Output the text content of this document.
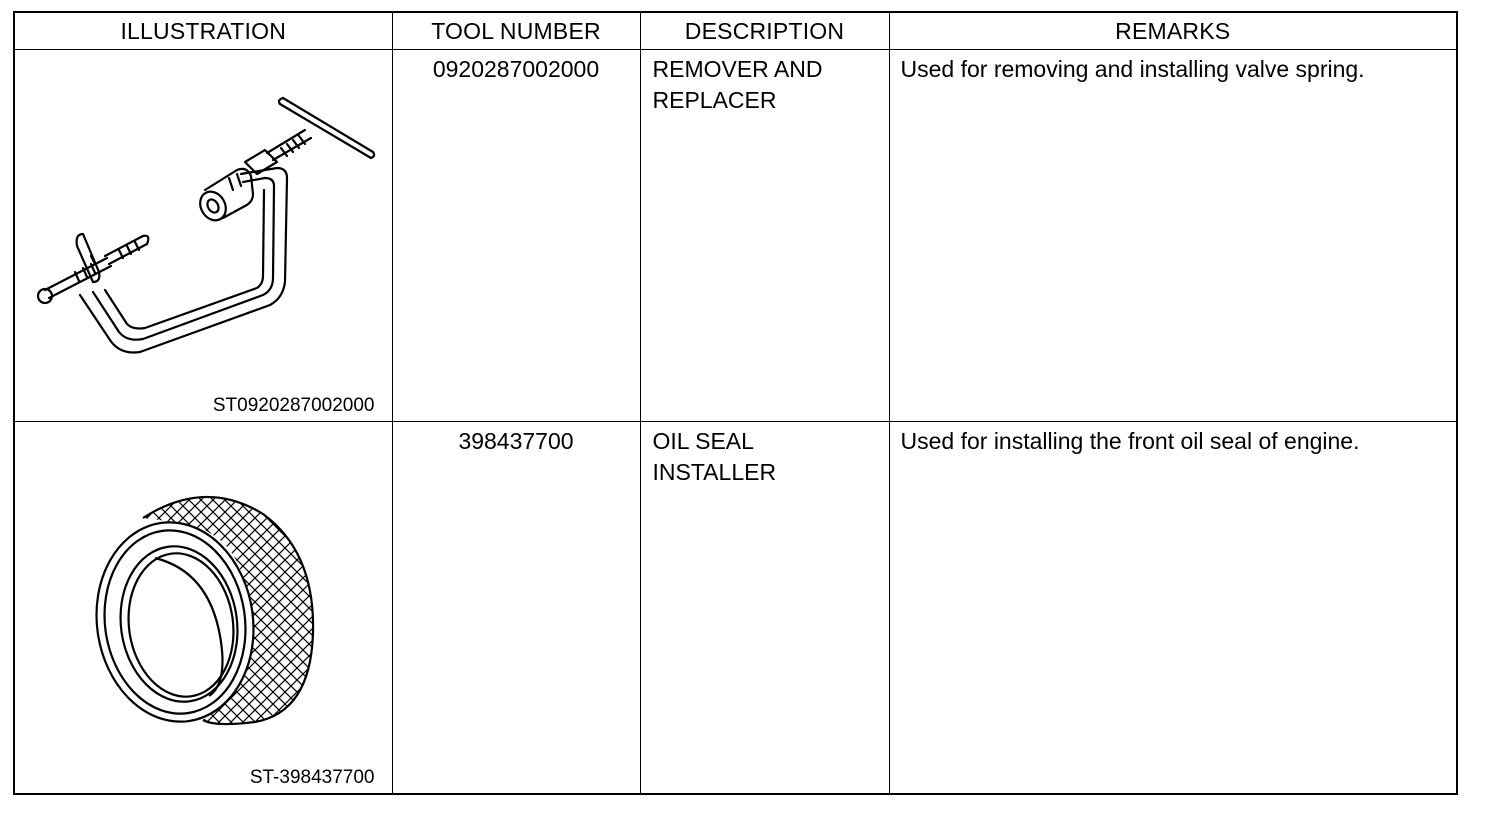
ILLUSTRATION	TOOL NUMBER	DESCRIPTION	REMARKS

ST0920287002000	0920287002000	REMOVER AND REPLACER	Used for removing and installing valve spring.

ST-398437700	398437700	OIL SEAL INSTALLER	Used for installing the front oil seal of engine.
